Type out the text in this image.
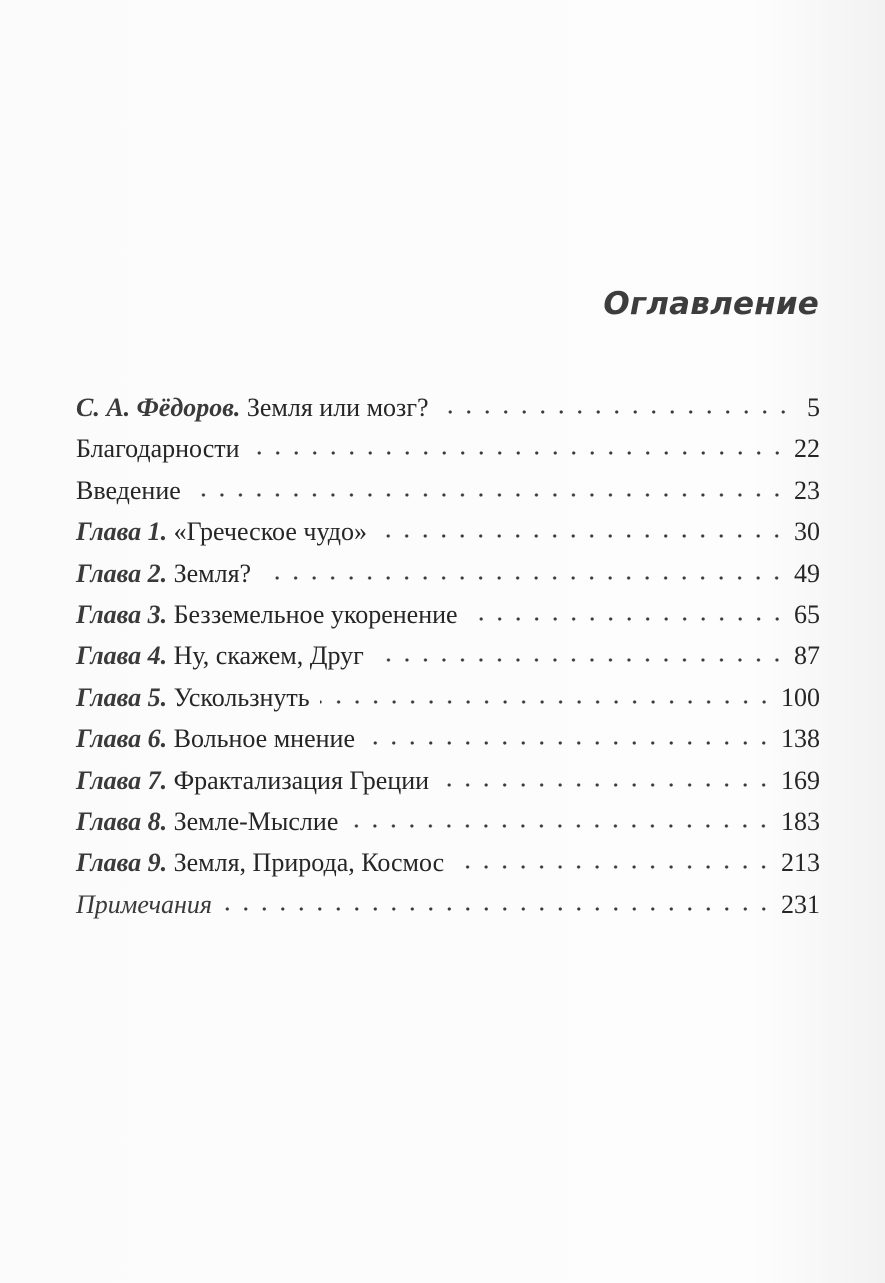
Оглавление
С. А. Фёдоров. Земля или мозг?	5
Благодарности	22
Введение	23
Глава 1. «Греческое чудо»	30
Глава 2. Земля?	49
Глава 3. Безземельное укоренение	65
Глава 4. Ну, скажем, Друг	87
Глава 5. Ускользнуть	100
Глава 6. Вольное мнение	138
Глава 7. Фрактализация Греции	169
Глава 8. Земле-Мыслие	183
Глава 9. Земля, Природа, Космос	213
Примечания	231
